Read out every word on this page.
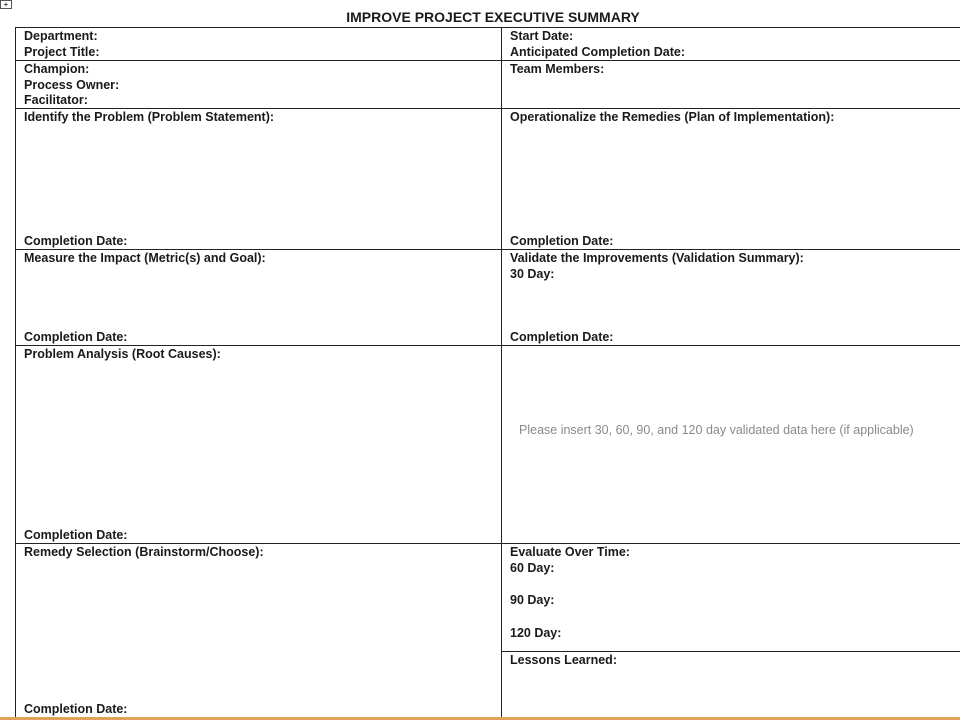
+
IMPROVE PROJECT EXECUTIVE SUMMARY
Department:
Project Title:
Start Date:
Anticipated Completion Date:
Champion:
Process Owner:
Facilitator:
Team Members:
Identify the Problem (Problem Statement):
Completion Date:
Operationalize the Remedies (Plan of Implementation):
Completion Date:
Measure the Impact (Metric(s) and Goal):
Completion Date:
Validate the Improvements (Validation Summary):
30 Day:
Completion Date:
Problem Analysis (Root Causes):
Completion Date:
Please insert 30, 60, 90, and 120 day validated data here (if applicable)
Remedy Selection (Brainstorm/Choose):
Completion Date:
Evaluate Over Time:
60 Day:
90 Day:
120 Day:
Lessons Learned:
